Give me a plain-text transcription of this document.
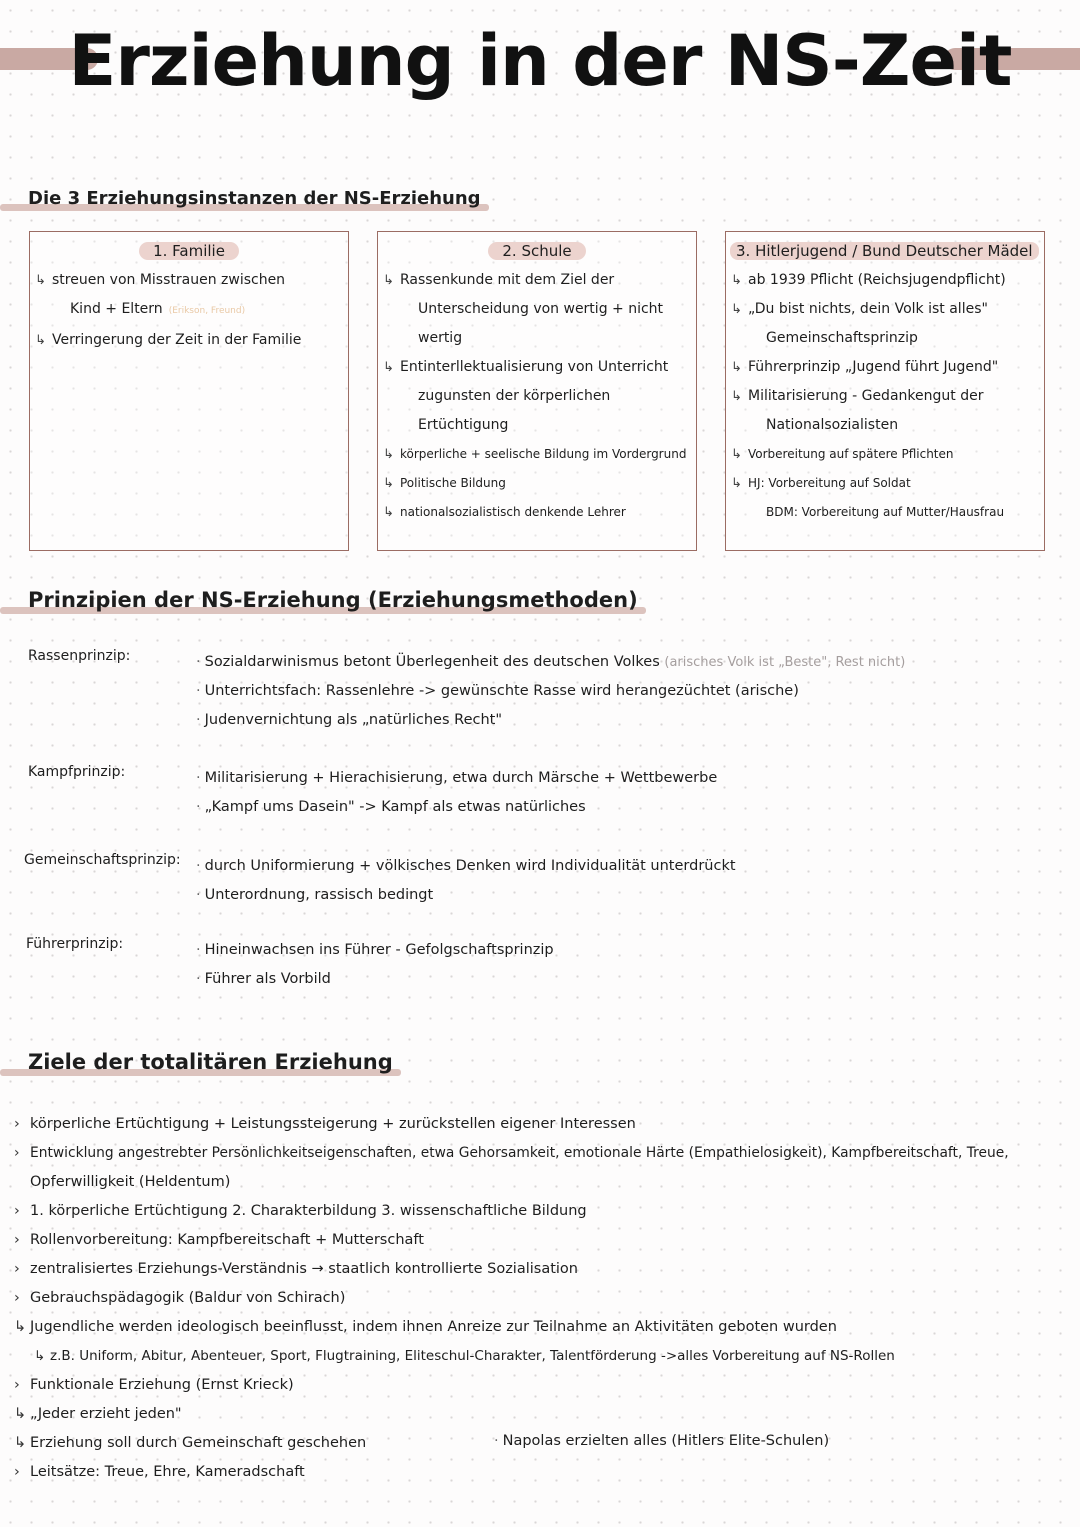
Erziehung in der NS-Zeit
Die 3 Erziehungsinstanzen der NS-Erziehung
1. Familie
↳ streuen von Misstrauen zwischen
Kind + Eltern (Erikson, Freund)
↳ Verringerung der Zeit in der Familie
2. Schule
↳ Rassenkunde mit dem Ziel der
Unterscheidung von wertig + nicht
wertig
↳ Entinterllektualisierung von Unterricht
zugunsten der körperlichen Ertüchtigung
↳ körperliche + seelische Bildung im Vordergrund
↳ Politische Bildung
↳ nationalsozialistisch denkende Lehrer
3. Hitlerjugend / Bund Deutscher Mädel
↳ ab 1939 Pflicht (Reichsjugendpflicht)
↳ „Du bist nichts, dein Volk ist alles"
Gemeinschaftsprinzip
↳ Führerprinzip „Jugend führt Jugend"
↳ Militarisierung - Gedankengut der
Nationalsozialisten
↳ Vorbereitung auf spätere Pflichten
↳ HJ: Vorbereitung auf Soldat
BDM: Vorbereitung auf Mutter/Hausfrau
Prinzipien der NS-Erziehung (Erziehungsmethoden)
Rassenprinzip:	· Sozialdarwinismus betont Überlegenheit des deutschen Volkes (arisches Volk ist „Beste", Rest nicht)
· Unterrichtsfach: Rassenlehre -> gewünschte Rasse wird herangezüchtet (arische)
· Judenvernichtung als „natürliches Recht"
Kampfprinzip:	· Militarisierung + Hierachisierung, etwa durch Märsche + Wettbewerbe
· „Kampf ums Dasein" -> Kampf als etwas natürliches
Gemeinschaftsprinzip:	· durch Uniformierung + völkisches Denken wird Individualität unterdrückt
· Unterordnung, rassisch bedingt
Führerprinzip:	· Hineinwachsen ins Führer - Gefolgschaftsprinzip
· Führer als Vorbild
Ziele der totalitären Erziehung
› körperliche Ertüchtigung + Leistungssteigerung + zurückstellen eigener Interessen
› Entwicklung angestrebter Persönlichkeitseigenschaften, etwa Gehorsamkeit, emotionale Härte (Empathielosigkeit), Kampfbereitschaft, Treue,
Opferwilligkeit (Heldentum)
› 1. körperliche Ertüchtigung 2. Charakterbildung 3. wissenschaftliche Bildung
› Rollenvorbereitung: Kampfbereitschaft + Mutterschaft
› zentralisiertes Erziehungs-Verständnis → staatlich kontrollierte Sozialisation
› Gebrauchspädagogik (Baldur von Schirach)
↳ Jugendliche werden ideologisch beeinflusst, indem ihnen Anreize zur Teilnahme an Aktivitäten geboten wurden
↳ z.B. Uniform, Abitur, Abenteuer, Sport, Flugtraining, Eliteschul-Charakter, Talentförderung ->alles Vorbereitung auf NS-Rollen
› Funktionale Erziehung (Ernst Krieck)
↳ „Jeder erzieht jeden"
↳ Erziehung soll durch Gemeinschaft geschehen
› Leitsätze: Treue, Ehre, Kameradschaft
· Napolas erzielten alles (Hitlers Elite-Schulen)
